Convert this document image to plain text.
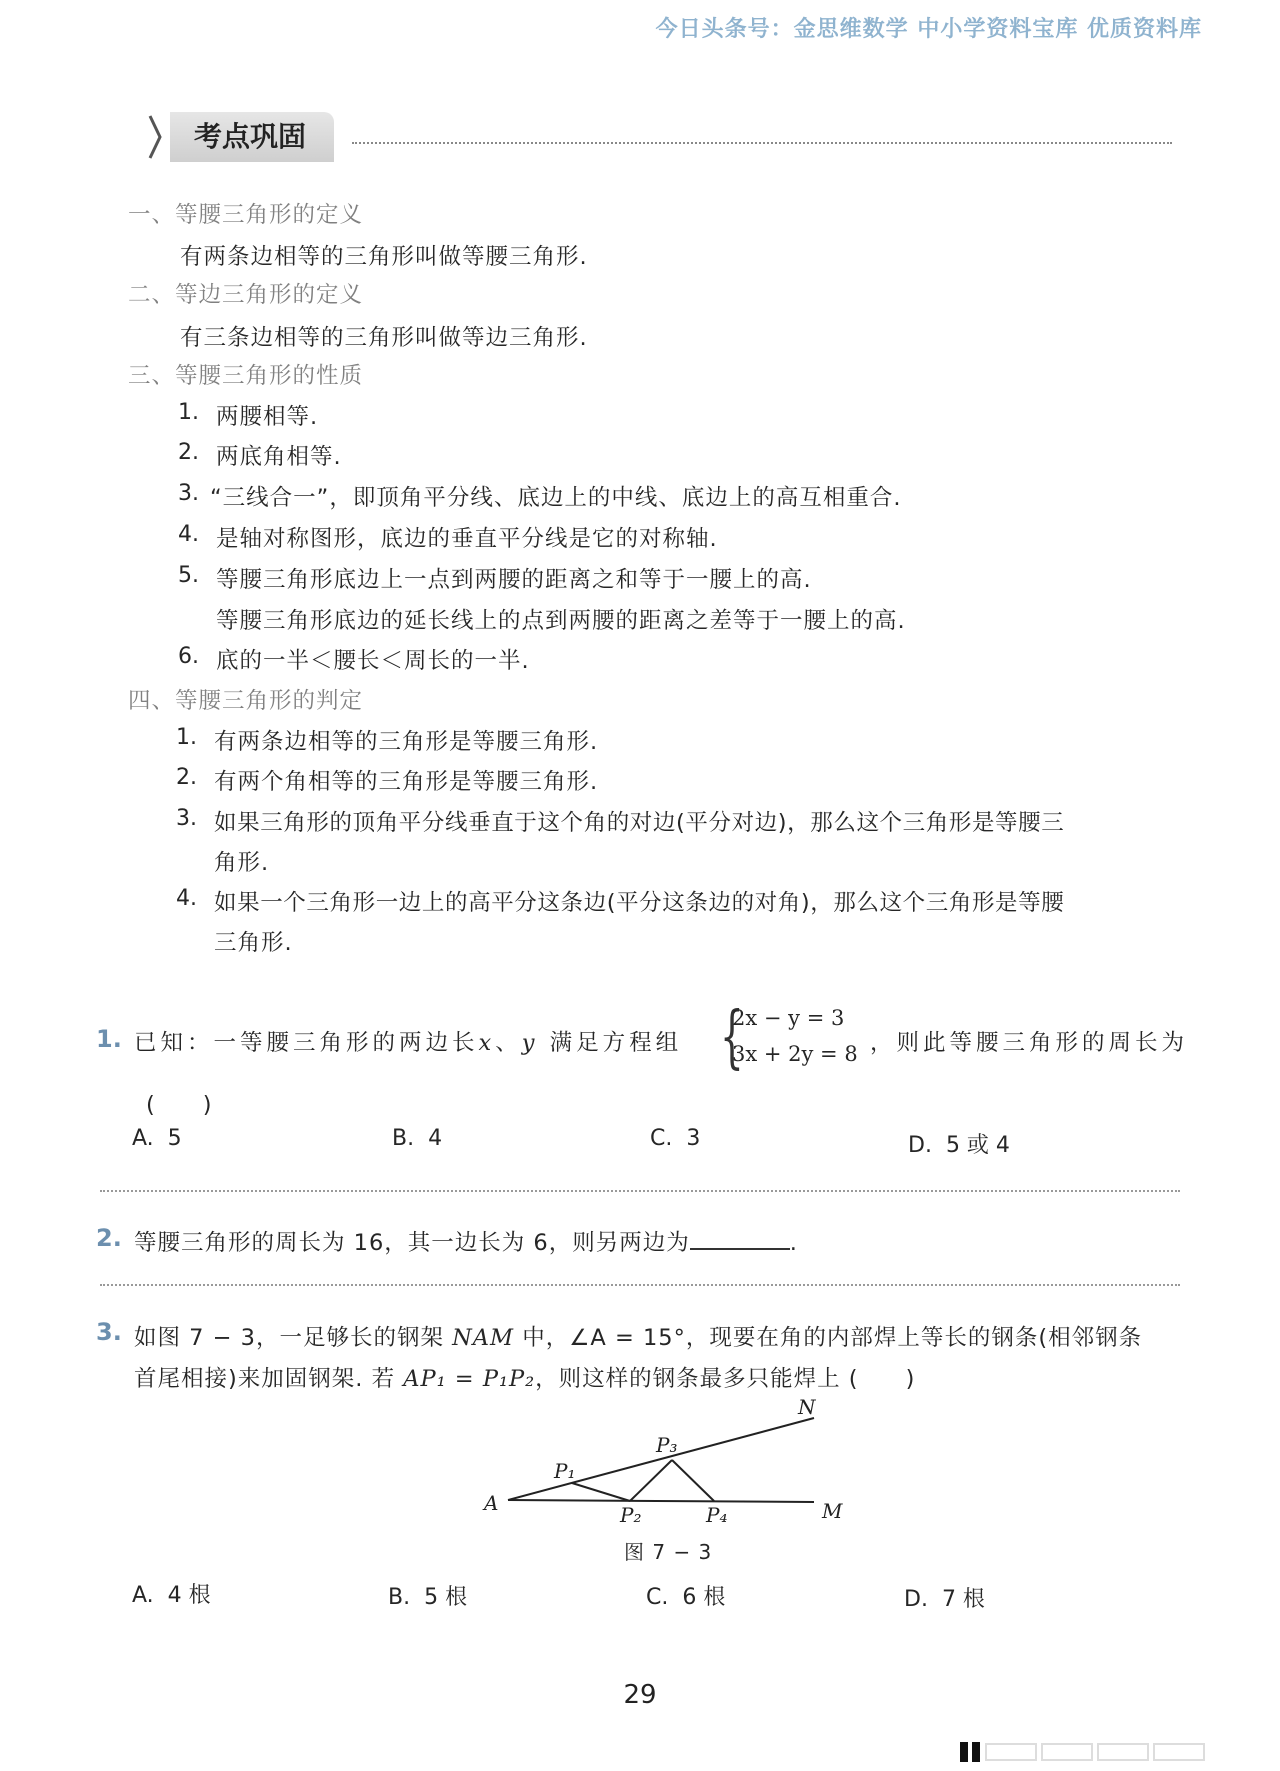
今日头条号：金思维数学 中小学资料宝库 优质资料库
考点巩固
一、等腰三角形的定义
有两条边相等的三角形叫做等腰三角形.
二、等边三角形的定义
有三条边相等的三角形叫做等边三角形.
三、等腰三角形的性质
1. 两腰相等.
2. 两底角相等.
3. “三线合一”，即顶角平分线、底边上的中线、底边上的高互相重合.
4. 是轴对称图形，底边的垂直平分线是它的对称轴.
5. 等腰三角形底边上一点到两腰的距离之和等于一腰上的高.
等腰三角形底边的延长线上的点到两腰的距离之差等于一腰上的高.
6. 底的一半＜腰长＜周长的一半.
四、等腰三角形的判定
1. 有两条边相等的三角形是等腰三角形.
2. 有两个角相等的三角形是等腰三角形.
3. 如果三角形的顶角平分线垂直于这个角的对边(平分对边)，那么这个三角形是等腰三
角形.
4. 如果一个三角形一边上的高平分这条边(平分这条边的对角)，那么这个三角形是等腰
三角形.
1. 已知：一等腰三角形的两边长x、y 满足方程组 {
2x − y = 3
3x + 2y = 8 ，则此等腰三角形的周长为
(　　)
A. 5	B. 4	C. 3	D. 5 或 4
2. 等腰三角形的周长为 16，其一边长为 6，则另两边为	.
3. 如图 7 − 3，一足够长的钢架 NAM 中，∠A = 15°，现要在角的内部焊上等长的钢条(相邻钢条
首尾相接)来加固钢架. 若 AP₁ = P₁P₂，则这样的钢条最多只能焊上 (　　)
A	M
N
P₁
P₂
P₃
P₄
图 7 − 3
A. 4 根	B. 5 根	C. 6 根	D. 7 根
29
